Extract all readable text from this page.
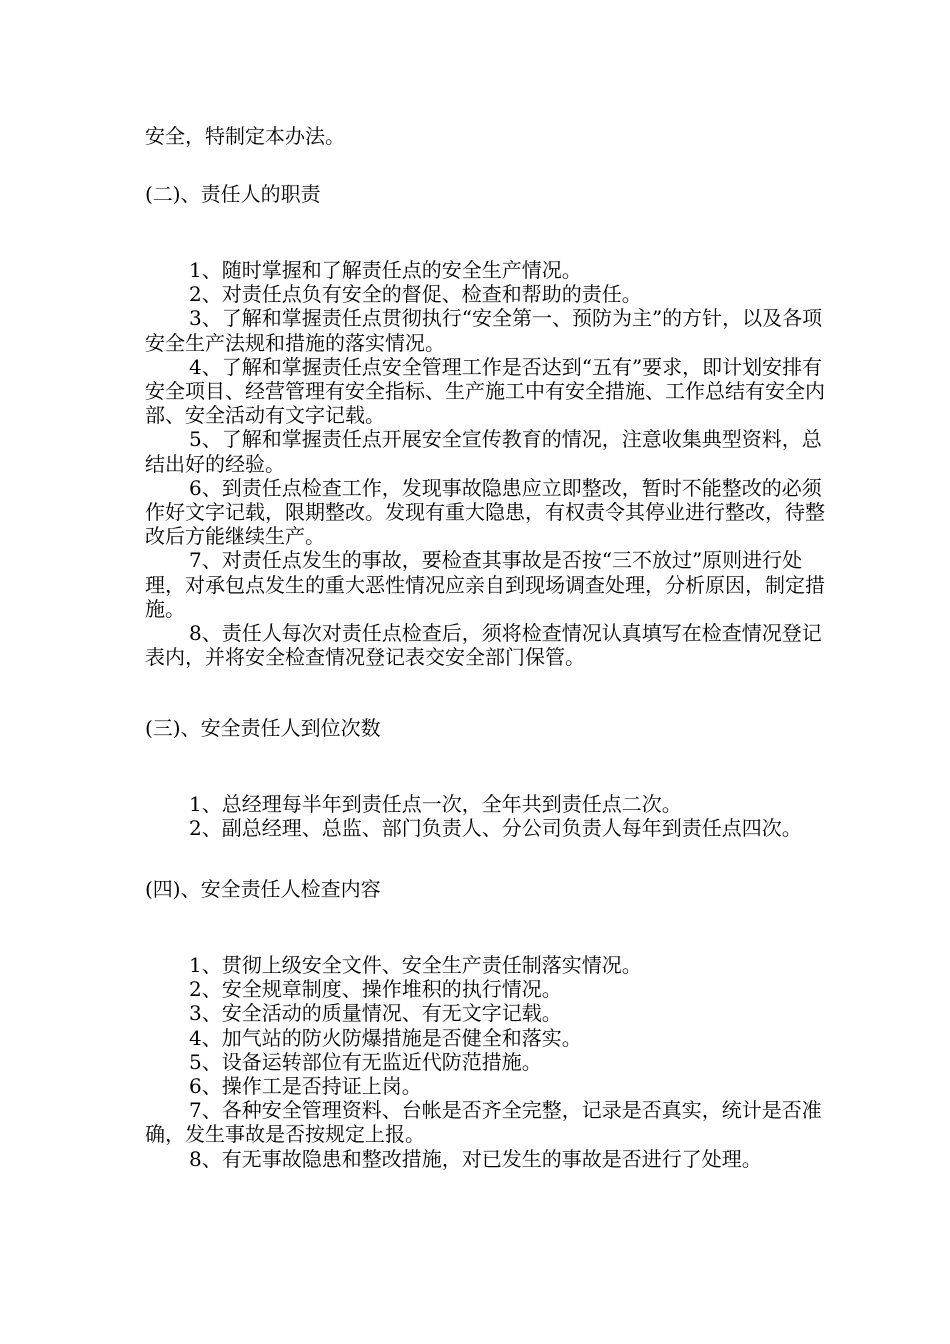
安全，特制定本办法。
(二)、责任人的职责

1、随时掌握和了解责任点的安全生产情况。

2、对责任点负有安全的督促、检查和帮助的责任。

3、了解和掌握责任点贯彻执行“安全第一、预防为主”的方针，以及各项安全生产法规和措施的落实情况。

4、了解和掌握责任点安全管理工作是否达到“五有”要求，即计划安排有安全项目、经营管理有安全指标、生产施工中有安全措施、工作总结有安全内部、安全活动有文字记载。

5、了解和掌握责任点开展安全宣传教育的情况，注意收集典型资料，总结出好的经验。

6、到责任点检查工作，发现事故隐患应立即整改，暂时不能整改的必须作好文字记载，限期整改。发现有重大隐患，有权责令其停业进行整改，待整改后方能继续生产。

7、对责任点发生的事故，要检查其事故是否按“三不放过”原则进行处理，对承包点发生的重大恶性情况应亲自到现场调查处理，分析原因，制定措施。

8、责任人每次对责任点检查后，须将检查情况认真填写在检查情况登记表内，并将安全检查情况登记表交安全部门保管。

(三)、安全责任人到位次数

1、总经理每半年到责任点一次，全年共到责任点二次。

2、副总经理、总监、部门负责人、分公司负责人每年到责任点四次。

(四)、安全责任人检查内容

1、贯彻上级安全文件、安全生产责任制落实情况。

2、安全规章制度、操作堆积的执行情况。

3、安全活动的质量情况、有无文字记载。

4、加气站的防火防爆措施是否健全和落实。

5、设备运转部位有无监近代防范措施。

6、操作工是否持证上岗。

7、各种安全管理资料、台帐是否齐全完整，记录是否真实，统计是否准确，发生事故是否按规定上报。

8、有无事故隐患和整改措施，对已发生的事故是否进行了处理。
